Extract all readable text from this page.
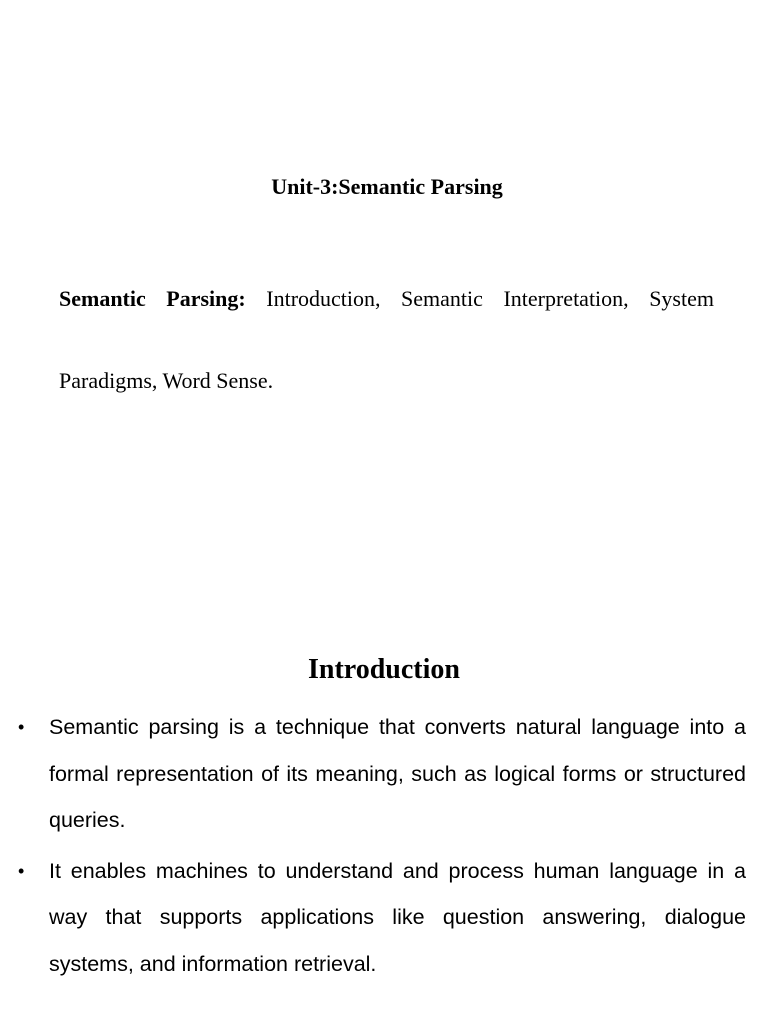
Unit-3:Semantic Parsing

Semantic Parsing: Introduction, Semantic Interpretation, System Paradigms, Word Sense.

Introduction
• Semantic parsing is a technique that converts natural language into a formal representation of its meaning, such as logical forms or structured queries.
• It enables machines to understand and process human language in a way that supports applications like question answering, dialogue systems, and information retrieval.
